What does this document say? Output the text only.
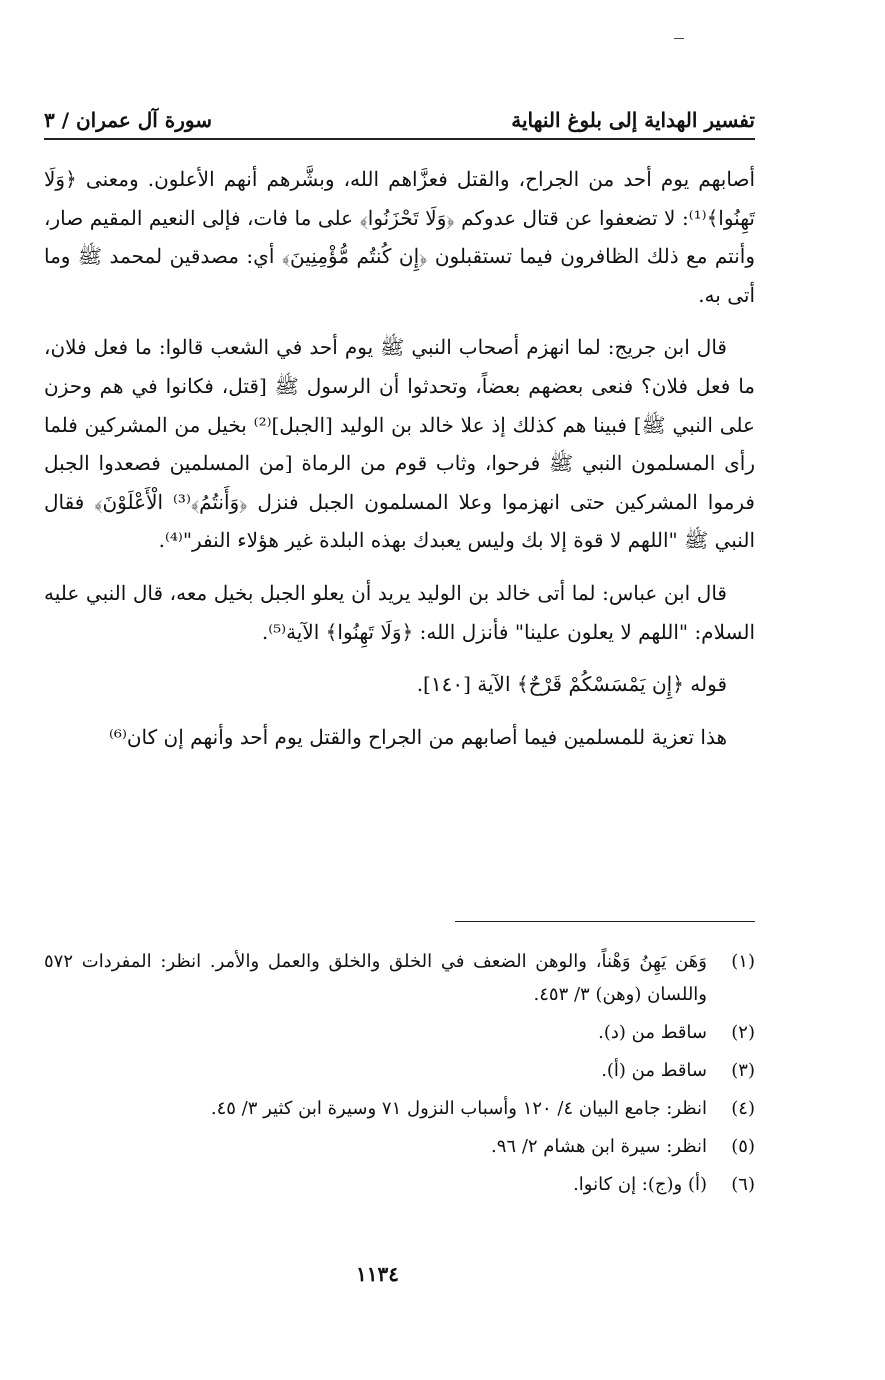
تفسير الهداية إلى بلوغ النهاية
سورة آل عمران / ٣

أصابهم يوم أحد من الجراح، والقتل فعزَّاهم الله، وبشَّرهم أنهم الأعلون. ومعنى ﴿وَلَا تَهِنُوا﴾⁽¹⁾: لا تضعفوا عن قتال عدوكم ﴿وَلَا تَحْزَنُوا﴾ على ما فات، فإلى النعيم المقيم صار، وأنتم مع ذلك الظافرون فيما تستقبلون ﴿إِن كُنتُم مُّؤْمِنِينَ﴾ أي: مصدقين لمحمد ﷺ وما أتى به.

قال ابن جريج: لما انهزم أصحاب النبي ﷺ يوم أحد في الشعب قالوا: ما فعل فلان، ما فعل فلان؟ فنعى بعضهم بعضاً، وتحدثوا أن الرسول ﷺ [قتل، فكانوا في هم وحزن على النبي ﷺ] فبينا هم كذلك إذ علا خالد بن الوليد [الجبل]⁽²⁾ بخيل من المشركين فلما رأى المسلمون النبي ﷺ فرحوا، وثاب قوم من الرماة [من المسلمين فصعدوا الجبل فرموا المشركين حتى انهزموا وعلا المسلمون الجبل فنزل ﴿وَأَنتُمُ﴾⁽³⁾ الْأَعْلَوْنَ﴾ فقال النبي ﷺ "اللهم لا قوة إلا بك وليس يعبدك بهذه البلدة غير هؤلاء النفر"⁽⁴⁾.

قال ابن عباس: لما أتى خالد بن الوليد يريد أن يعلو الجبل بخيل معه، قال النبي عليه السلام: "اللهم لا يعلون علينا" فأنزل الله: ﴿وَلَا تَهِنُوا﴾ الآية⁽⁵⁾.

قوله ﴿إِن يَمْسَسْكُمْ قَرْحٌ﴾ الآية [١٤٠].

هذا تعزية للمسلمين فيما أصابهم من الجراح والقتل يوم أحد وأنهم إن كان⁽⁶⁾

(١)
وَهَن يَهِنُ وَهْناً، والوهن الضعف في الخلق والخلق والعمل والأمر. انظر: المفردات ٥٧٢ واللسان (وهن) ٣/ ٤٥٣.
(٢)
ساقط من (د).
(٣)
ساقط من (أ).
(٤)
انظر: جامع البيان ٤/ ١٢٠ وأسباب النزول ٧١ وسيرة ابن كثير ٣/ ٤٥.
(٥)
انظر: سيرة ابن هشام ٢/ ٩٦.
(٦)
(أ) و(ج): إن كانوا.
١١٣٤
